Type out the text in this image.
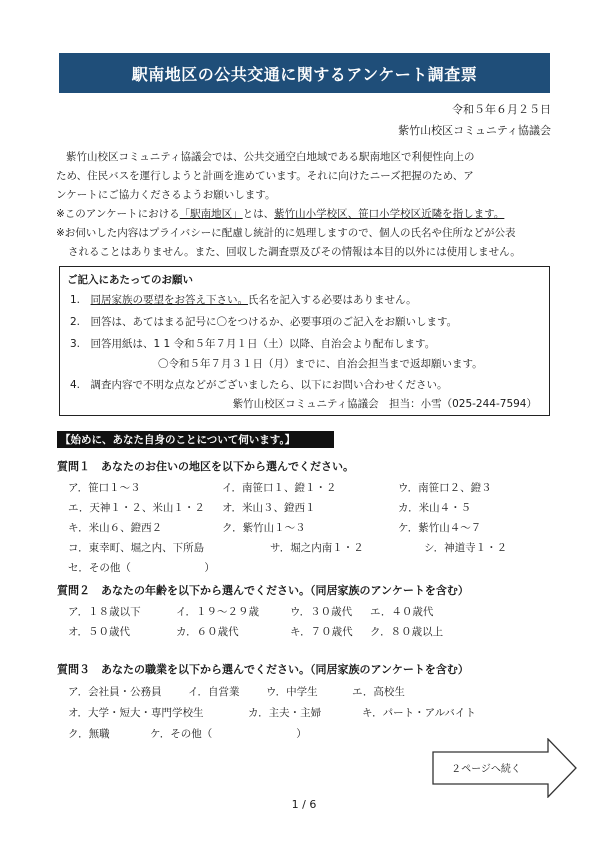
駅南地区の公共交通に関するアンケート調査票
令和５年６月２５日
紫竹山校区コミュニティ協議会
紫竹山校区コミュニティ協議会では、公共交通空白地域である駅南地区で利便性向上の
ため、住民バスを運行しようと計画を進めています。それに向けたニーズ把握のため、ア
ンケートにご協力くださるようお願いします。
※このアンケートにおける「駅南地区」とは、紫竹山小学校区、笹口小学校区近隣を指します。
※お伺いした内容はプライバシーに配慮し統計的に処理しますので、個人の氏名や住所などが公表
されることはありません。また、回収した調査票及びその情報は本目的以外には使用しません。
ご記入にあたってのお願い
1.　 同居家族の要望をお答え下さい。氏名を記入する必要はありません。
2.　回答は、あてはまる記号に〇をつけるか、必要事項のご記入をお願いします。
3.　回答用紙は、1 1 令和５年７月１日（土）以降、自治会より配布します。
〇令和５年７月３１日（月）までに、自治会担当まで返却願います。
4.　調査内容で不明な点などがございましたら、以下にお問い合わせください。
紫竹山校区コミュニティ協議会　担当：小雪（025-244-7594）
【始めに、あなた自身のことについて伺います。】
質問１　あなたのお住いの地区を以下から選んでください。
ア．笹口１〜３	イ．南笹口１、鐙１・２	ウ．南笹口２、鐙３
エ．天神１・２、米山１・２ オ．米山３、鐙西１	カ．米山４・５
キ．米山６、鐙西２	ク．紫竹山１〜３	ケ．紫竹山４〜７
コ．東幸町、堀之内、下所島	サ．堀之内南１・２	シ．神道寺１・２
セ．その他（　　　　　　　）
質問２　あなたの年齢を以下から選んでください。（同居家族のアンケートを含む）
ア．１８歳以下	イ．１９〜２９歳	ウ．３０歳代 エ．４０歳代
オ．５０歳代	カ．６０歳代	キ．７０歳代 ク．８０歳以上
質問３　あなたの職業を以下から選んでください。（同居家族のアンケートを含む）
ア．会社員・公務員	イ．自営業	ウ．中学生	エ．高校生
オ．大学・短大・専門学校生	カ．主夫・主婦	キ．パート・アルバイト
ク．無職	ケ．その他（　　　　　　　　）
２ページへ続く
1 / 6
